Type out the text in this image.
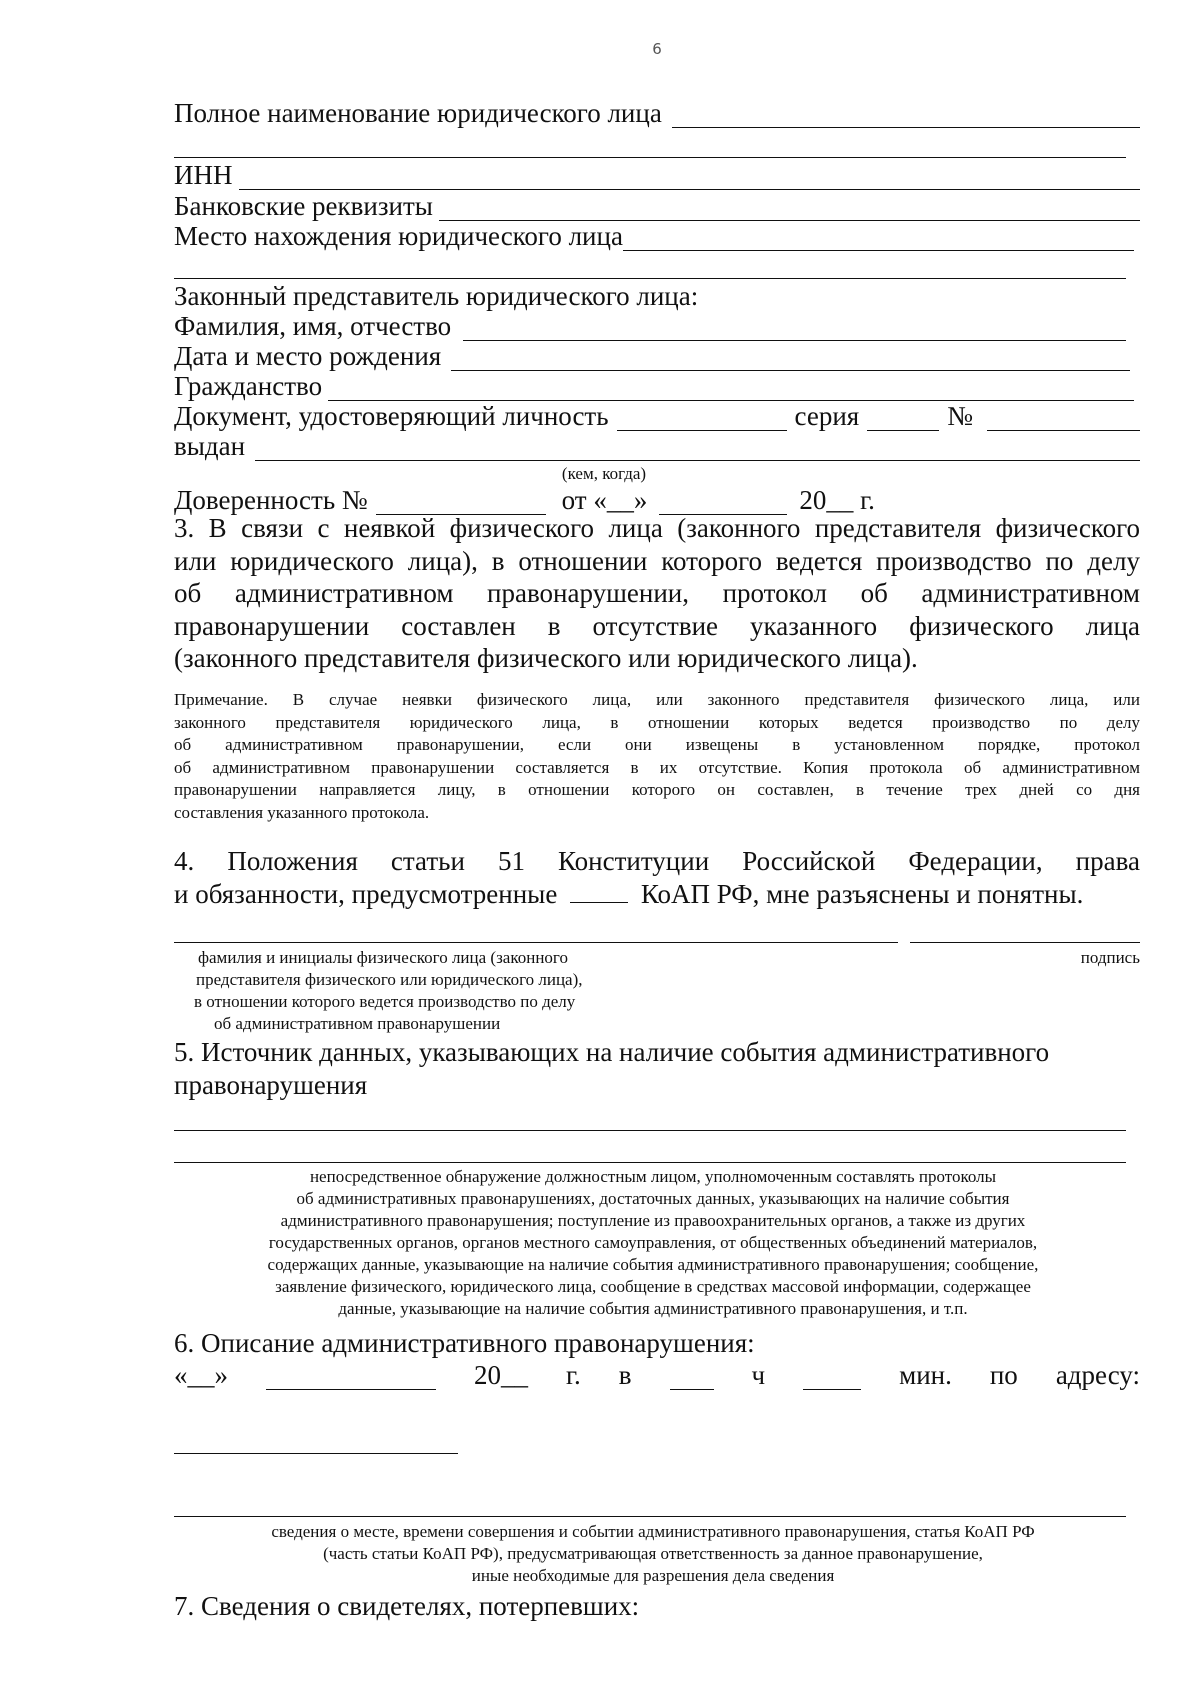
6
Полное наименование юридического лица
ИНН
Банковские реквизиты
Место нахождения юридического лица
Законный представитель юридического лица:
Фамилия, имя, отчество
Дата и место рождения
Гражданство
Документ, удостоверяющий личность	серия	№
выдан
(кем, когда)
Доверенность №	от «__»	20__ г.
3. В связи с неявкой физического лица (законного представителя физического
или юридического лица), в отношении которого ведется производство по делу
об административном правонарушении, протокол об административном
правонарушении составлен в отсутствие указанного физического лица
(законного представителя физического или юридического лица).
Примечание. В случае неявки физического лица, или законного представителя физического лица, или
законного представителя юридического лица, в отношении которых ведется производство по делу
об административном правонарушении, если они извещены в установленном порядке, протокол
об административном правонарушении составляется в их отсутствие. Копия протокола об административном
правонарушении направляется лицу, в отношении которого он составлен, в течение трех дней со дня
составления указанного протокола.
4. Положения статьи 51 Конституции Российской Федерации, права
и обязанности, предусмотренные	КоАП РФ, мне разъяснены и понятны.
фамилия и инициалы физического лица (законного
представителя физического или юридического лица),
в отношении которого ведется производство по делу
об административном правонарушении
подпись
5. Источник данных, указывающих на наличие события административного
правонарушения
непосредственное обнаружение должностным лицом, уполномоченным составлять протоколы
об административных правонарушениях, достаточных данных, указывающих на наличие события
административного правонарушения; поступление из правоохранительных органов, а также из других
государственных органов, органов местного самоуправления, от общественных объединений материалов,
содержащих данные, указывающие на наличие события административного правонарушения; сообщение,
заявление физического, юридического лица, сообщение в средствах массовой информации, содержащее
данные, указывающие на наличие события административного правонарушения, и т.п.
6. Описание административного правонарушения:
«__»	20__ г. в	ч	мин. по адресу:
сведения о месте, времени совершения и событии административного правонарушения, статья КоАП РФ
(часть статьи КоАП РФ), предусматривающая ответственность за данное правонарушение,
иные необходимые для разрешения дела сведения
7. Сведения о свидетелях, потерпевших:
